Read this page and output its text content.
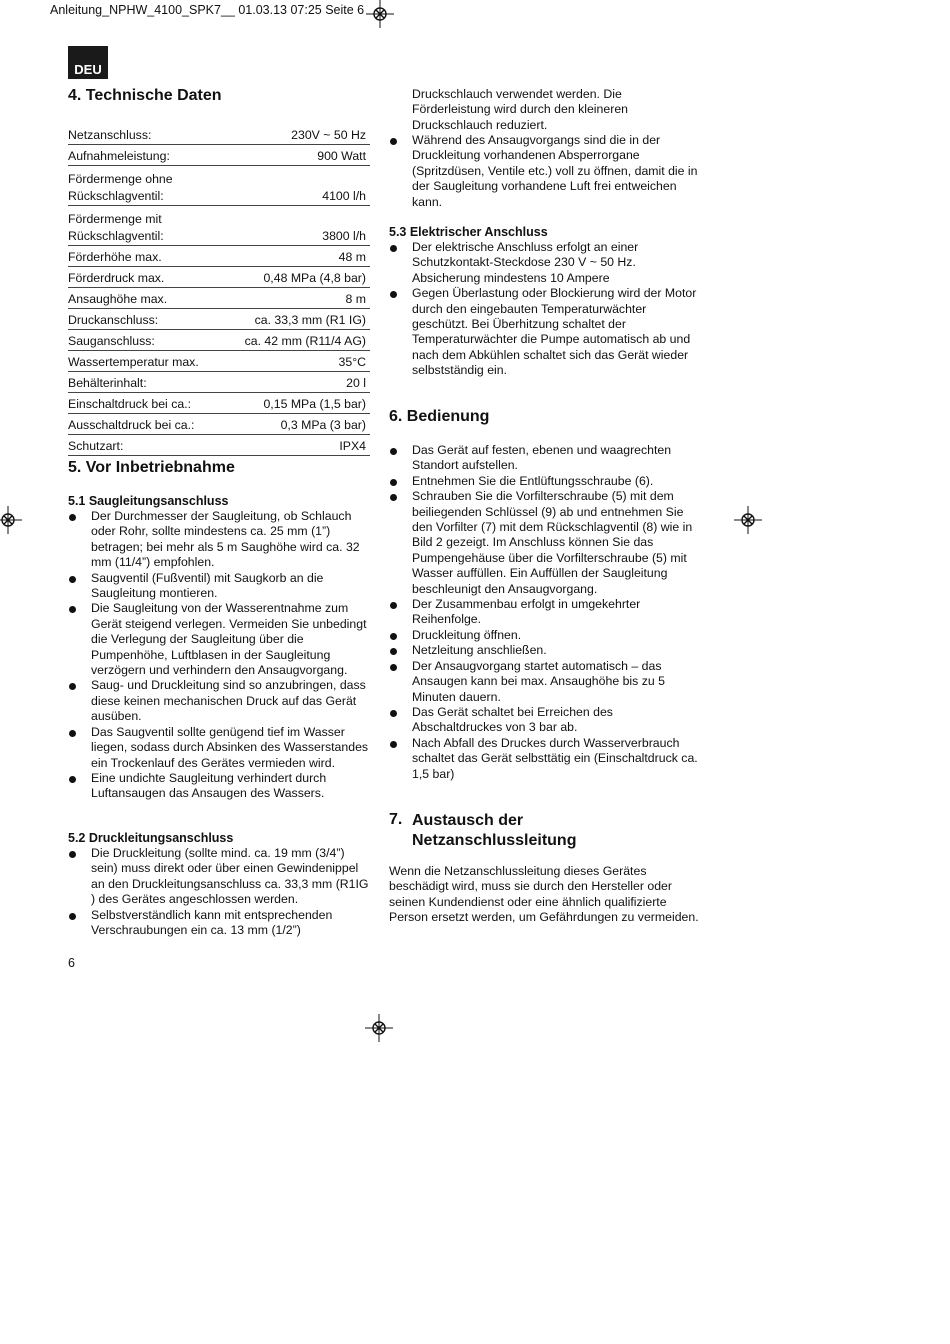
Anleitung_NPHW_4100_SPK7__ 01.03.13 07:25 Seite 6
DEU
4. Technische Daten
Netzanschluss:	230V ~ 50 Hz
Aufnahmeleistung:	900 Watt

Fördermenge ohne
Rückschlagventil:	4100 l/h

Fördermenge mit
Rückschlagventil:	3800 l/h
Förderhöhe max.	48 m
Förderdruck max.	0,48 MPa (4,8 bar)
Ansaughöhe max.	8 m
Druckanschluss:	ca. 33,3 mm (R1 IG)
Sauganschluss:	ca. 42 mm (R11/4 AG)
Wassertemperatur max.	35°C
Behälterinhalt:	20 l
Einschaltdruck bei ca.:	0,15 MPa (1,5 bar)
Ausschaltdruck bei ca.:	0,3 MPa (3 bar)
Schutzart:	IPX4
5. Vor Inbetriebnahme
5.1 Saugleitungsanschluss
Der Durchmesser der Saugleitung, ob Schlauch oder Rohr, sollte mindestens ca. 25 mm (1”) betragen; bei mehr als 5 m Saughöhe wird ca. 32 mm (11/4”) empfohlen.
Saugventil (Fußventil) mit Saugkorb an die Saugleitung montieren.
Die Saugleitung von der Wasserentnahme zum Gerät steigend verlegen. Vermeiden Sie unbedingt die Verlegung der Saugleitung über die Pumpenhöhe, Luftblasen in der Saugleitung verzögern und verhindern den Ansaugvorgang.
Saug- und Druckleitung sind so anzubringen, dass diese keinen mechanischen Druck auf das Gerät ausüben.
Das Saugventil sollte genügend tief im Wasser liegen, sodass durch Absinken des Wasserstandes ein Trockenlauf des Gerätes vermieden wird.
Eine undichte Saugleitung verhindert durch Luftansaugen das Ansaugen des Wassers.
5.2 Druckleitungsanschluss
Die Druckleitung (sollte mind. ca. 19 mm (3/4”) sein) muss direkt oder über einen Gewindenippel an den Druckleitungsanschluss ca. 33,3 mm (R1IG ) des Gerätes angeschlossen werden.
Selbstverständlich kann mit entsprechenden Verschraubungen ein ca. 13 mm (1/2”)
Druckschlauch verwendet werden. Die Förderleistung wird durch den kleineren Druckschlauch reduziert.
Während des Ansaugvorgangs sind die in der Druckleitung vorhandenen Absperrorgane (Spritzdüsen, Ventile etc.) voll zu öffnen, damit die in der Saugleitung vorhandene Luft frei entweichen kann.
5.3 Elektrischer Anschluss
Der elektrische Anschluss erfolgt an einer Schutzkontakt-Steckdose 230 V ~ 50 Hz. Absicherung mindestens 10 Ampere
Gegen Überlastung oder Blockierung wird der Motor durch den eingebauten Temperaturwächter geschützt. Bei Überhitzung schaltet der Temperaturwächter die Pumpe automatisch ab und nach dem Abkühlen schaltet sich das Gerät wieder selbstständig ein.
6. Bedienung
Das Gerät auf festen, ebenen und waagrechten Standort aufstellen.
Entnehmen Sie die Entlüftungsschraube (6).
Schrauben Sie die Vorfilterschraube (5) mit dem beiliegenden Schlüssel (9) ab und entnehmen Sie den Vorfilter (7) mit dem Rückschlagventil (8) wie in Bild 2 gezeigt. Im Anschluss können Sie das Pumpengehäuse über die Vorfilterschraube (5) mit Wasser auffüllen. Ein Auffüllen der Saugleitung beschleunigt den Ansaugvorgang.
Der Zusammenbau erfolgt in umgekehrter Reihenfolge.
Druckleitung öffnen.
Netzleitung anschließen.
Der Ansaugvorgang startet automatisch – das Ansaugen kann bei max. Ansaughöhe bis zu 5 Minuten dauern.
Das Gerät schaltet bei Erreichen des Abschaltdruckes von 3 bar ab.
Nach Abfall des Druckes durch Wasserverbrauch schaltet das Gerät selbsttätig ein (Einschaltdruck ca. 1,5 bar)
7. Austausch der
Netzanschlussleitung
Wenn die Netzanschlussleitung dieses Gerätes beschädigt wird, muss sie durch den Hersteller oder seinen Kundendienst oder eine ähnlich qualifizierte Person ersetzt werden, um Gefährdungen zu vermeiden.
6
